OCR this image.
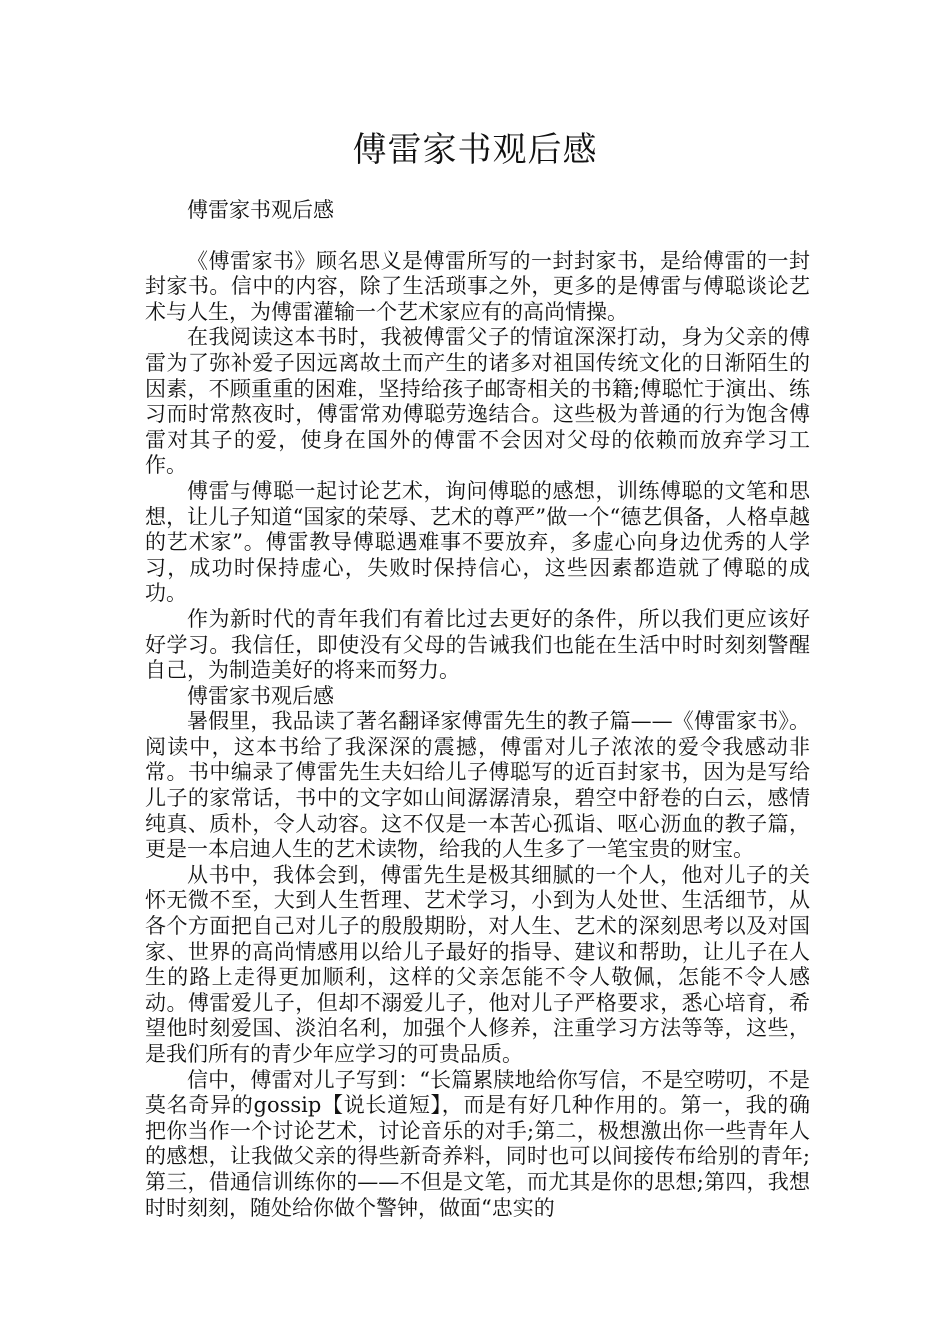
傅雷家书观后感

傅雷家书观后感

《傅雷家书》顾名思义是傅雷所写的一封封家书，是给傅雷的一封封家书。信中的内容，除了生活琐事之外，更多的是傅雷与傅聪谈论艺术与人生，为傅雷灌输一个艺术家应有的高尚情操。

在我阅读这本书时，我被傅雷父子的情谊深深打动，身为父亲的傅雷为了弥补爱子因远离故土而产生的诸多对祖国传统文化的日渐陌生的因素，不顾重重的困难，坚持给孩子邮寄相关的书籍;傅聪忙于演出、练习而时常熬夜时，傅雷常劝傅聪劳逸结合。这些极为普通的行为饱含傅雷对其子的爱，使身在国外的傅雷不会因对父母的依赖而放弃学习工作。

傅雷与傅聪一起讨论艺术，询问傅聪的感想，训练傅聪的文笔和思想，让儿子知道“国家的荣辱、艺术的尊严”做一个“德艺俱备，人格卓越的艺术家”。傅雷教导傅聪遇难事不要放弃，多虚心向身边优秀的人学习，成功时保持虚心，失败时保持信心，这些因素都造就了傅聪的成功。

作为新时代的青年我们有着比过去更好的条件，所以我们更应该好好学习。我信任，即使没有父母的告诫我们也能在生活中时时刻刻警醒自己，为制造美好的将来而努力。

傅雷家书观后感

暑假里，我品读了著名翻译家傅雷先生的教子篇——《傅雷家书》。阅读中，这本书给了我深深的震撼，傅雷对儿子浓浓的爱令我感动非常。书中编录了傅雷先生夫妇给儿子傅聪写的近百封家书，因为是写给儿子的家常话，书中的文字如山间潺潺清泉，碧空中舒卷的白云，感情纯真、质朴，令人动容。这不仅是一本苦心孤诣、呕心沥血的教子篇，更是一本启迪人生的艺术读物，给我的人生多了一笔宝贵的财宝。

从书中，我体会到，傅雷先生是极其细腻的一个人，他对儿子的关怀无微不至，大到人生哲理、艺术学习，小到为人处世、生活细节，从各个方面把自己对儿子的殷殷期盼，对人生、艺术的深刻思考以及对国家、世界的高尚情感用以给儿子最好的指导、建议和帮助，让儿子在人生的路上走得更加顺利，这样的父亲怎能不令人敬佩，怎能不令人感动。傅雷爱儿子，但却不溺爱儿子，他对儿子严格要求，悉心培育，希望他时刻爱国、淡泊名利，加强个人修养，注重学习方法等等，这些，是我们所有的青少年应学习的可贵品质。

信中，傅雷对儿子写到：“长篇累牍地给你写信，不是空唠叨，不是莫名奇异的gossip【说长道短】，而是有好几种作用的。第一，我的确把你当作一个讨论艺术，讨论音乐的对手;第二，极想激出你一些青年人的感想，让我做父亲的得些新奇养料，同时也可以间接传布给别的青年;第三，借通信训练你的——不但是文笔，而尤其是你的思想;第四，我想时时刻刻，随处给你做个警钟，做面“忠实的
